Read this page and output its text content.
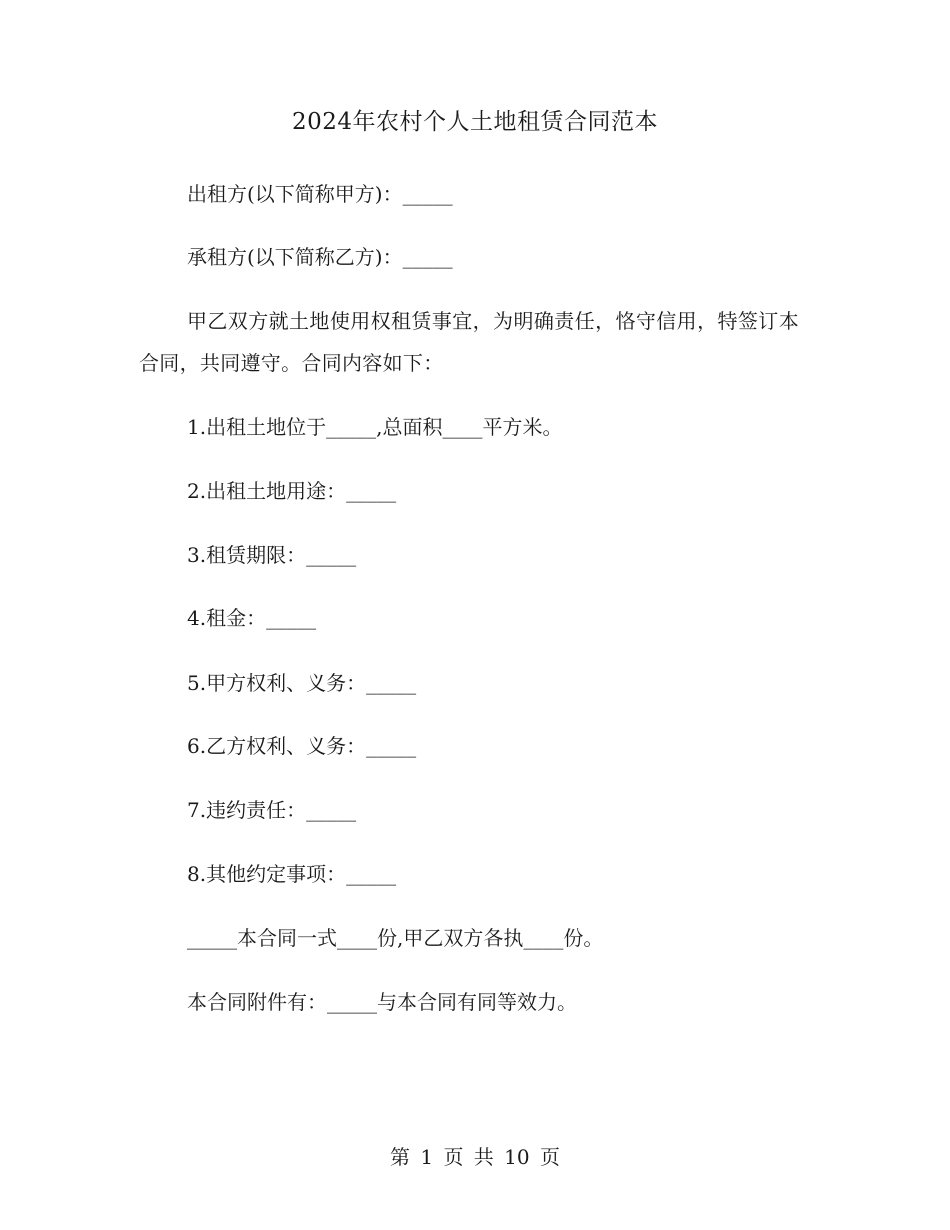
2024年农村个人土地租赁合同范本
出租方(以下简称甲方)：_____
承租方(以下简称乙方)：_____
甲乙双方就土地使用权租赁事宜，为明确责任，恪守信用，特签订本合同，共同遵守。合同内容如下：
1.出租土地位于_____,总面积____平方米。
2.出租土地用途：_____
3.租赁期限：_____
4.租金：_____
5.甲方权利、义务：_____
6.乙方权利、义务：_____
7.违约责任：_____
8.其他约定事项：_____
_____本合同一式____份,甲乙双方各执____份。
本合同附件有：_____与本合同有同等效力。
第 1 页 共 10 页
